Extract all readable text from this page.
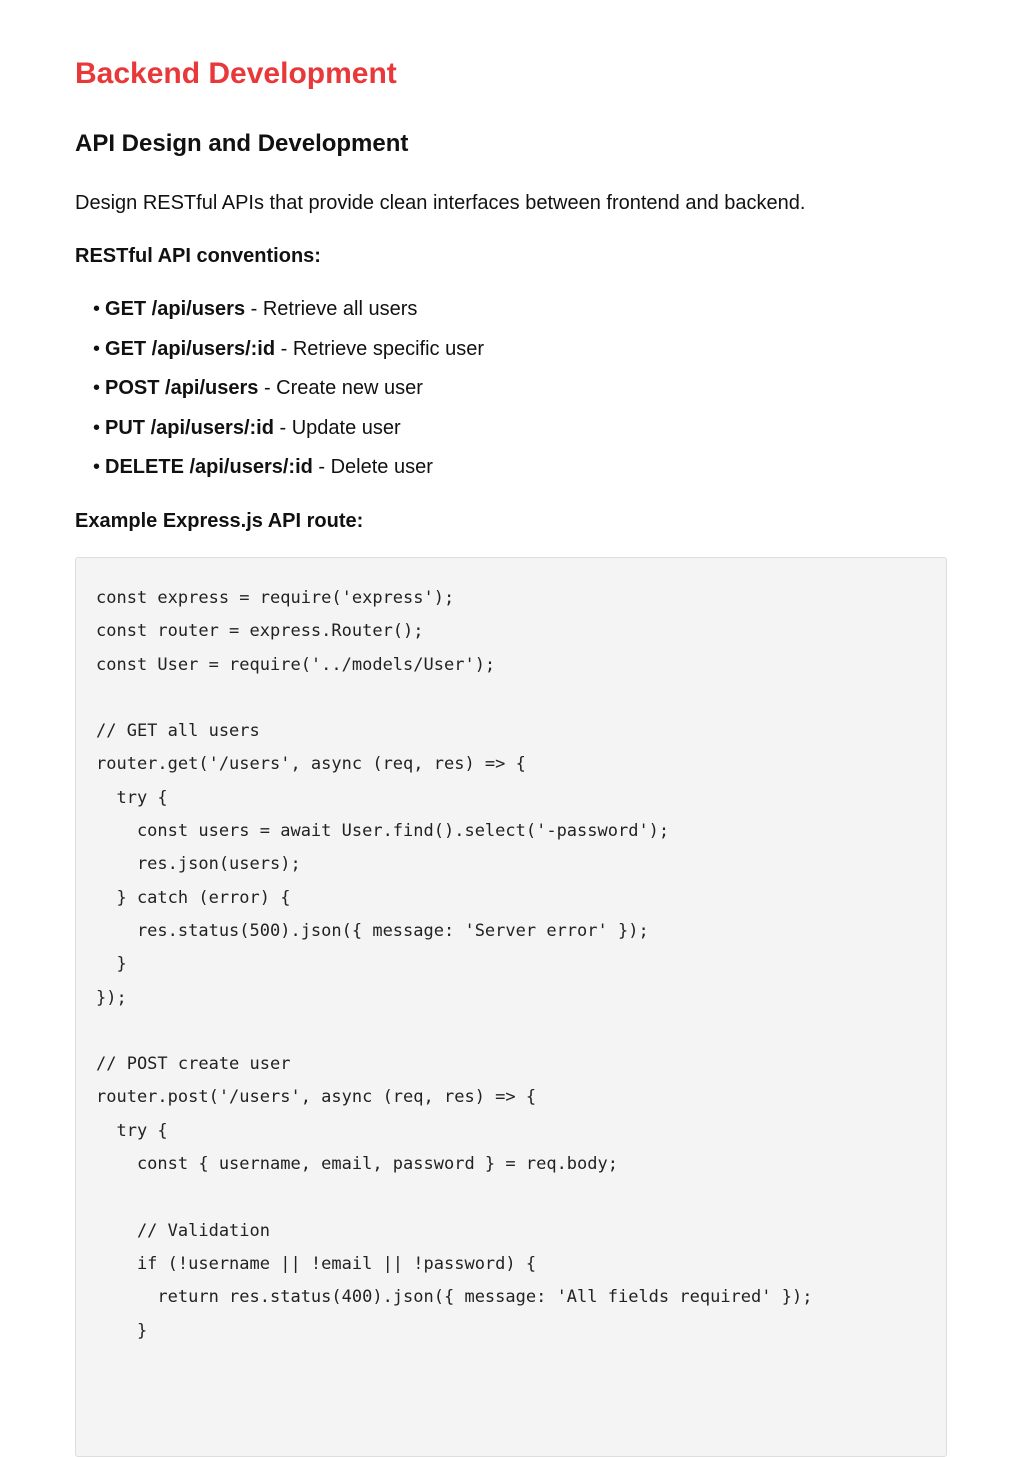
Backend Development
API Design and Development

Design RESTful APIs that provide clean interfaces between frontend and backend.

RESTful API conventions:

• GET /api/users - Retrieve all users
• GET /api/users/:id - Retrieve specific user
• POST /api/users - Create new user
• PUT /api/users/:id - Update user
• DELETE /api/users/:id - Delete user

Example Express.js API route:

const express = require('express');
const router = express.Router();
const User = require('../models/User');
// GET all users
router.get('/users', async (req, res) => {
try {
const users = await User.find().select('-password');
res.json(users);
} catch (error) {
res.status(500).json({ message: 'Server error' });
}
});
// POST create user
router.post('/users', async (req, res) => {
try {
const { username, email, password } = req.body;
// Validation
if (!username || !email || !password) {
return res.status(400).json({ message: 'All fields required' });
}
